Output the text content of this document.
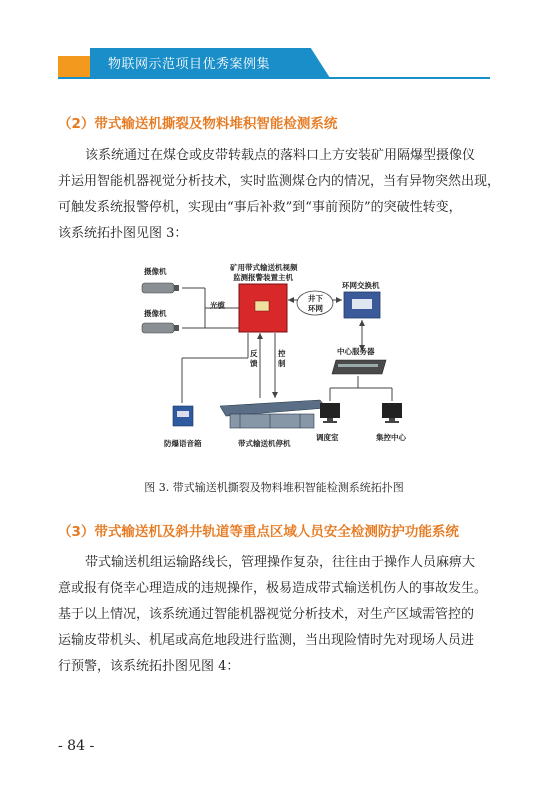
物联网示范项目优秀案例集
（2）带式输送机撕裂及物料堆积智能检测系统
该系统通过在煤仓或皮带转载点的落料口上方安装矿用隔爆型摄像仪
并运用智能机器视觉分析技术，实时监测煤仓内的情况，当有异物突然出现，
可触发系统报警停机，实现由“事后补救”到“事前预防”的突破性转变，
该系统拓扑图见图 3：
摄像机
摄像机
矿用带式输送机视频
监测报警装置主机
光缆
井下
环网
环网交换机
中心服务器
反
馈
控
制
防爆语音箱	带式输送机停机
调度室	集控中心
图 3. 带式输送机撕裂及物料堆积智能检测系统拓扑图
（3）带式输送机及斜井轨道等重点区域人员安全检测防护功能系统
带式输送机组运输路线长，管理操作复杂，往往由于操作人员麻痹大
意或报有侥幸心理造成的违规操作，极易造成带式输送机伤人的事故发生。
基于以上情况，该系统通过智能机器视觉分析技术，对生产区域需管控的
运输皮带机头、机尾或高危地段进行监测，当出现险情时先对现场人员进
行预警，该系统拓扑图见图 4：
- 84 -
